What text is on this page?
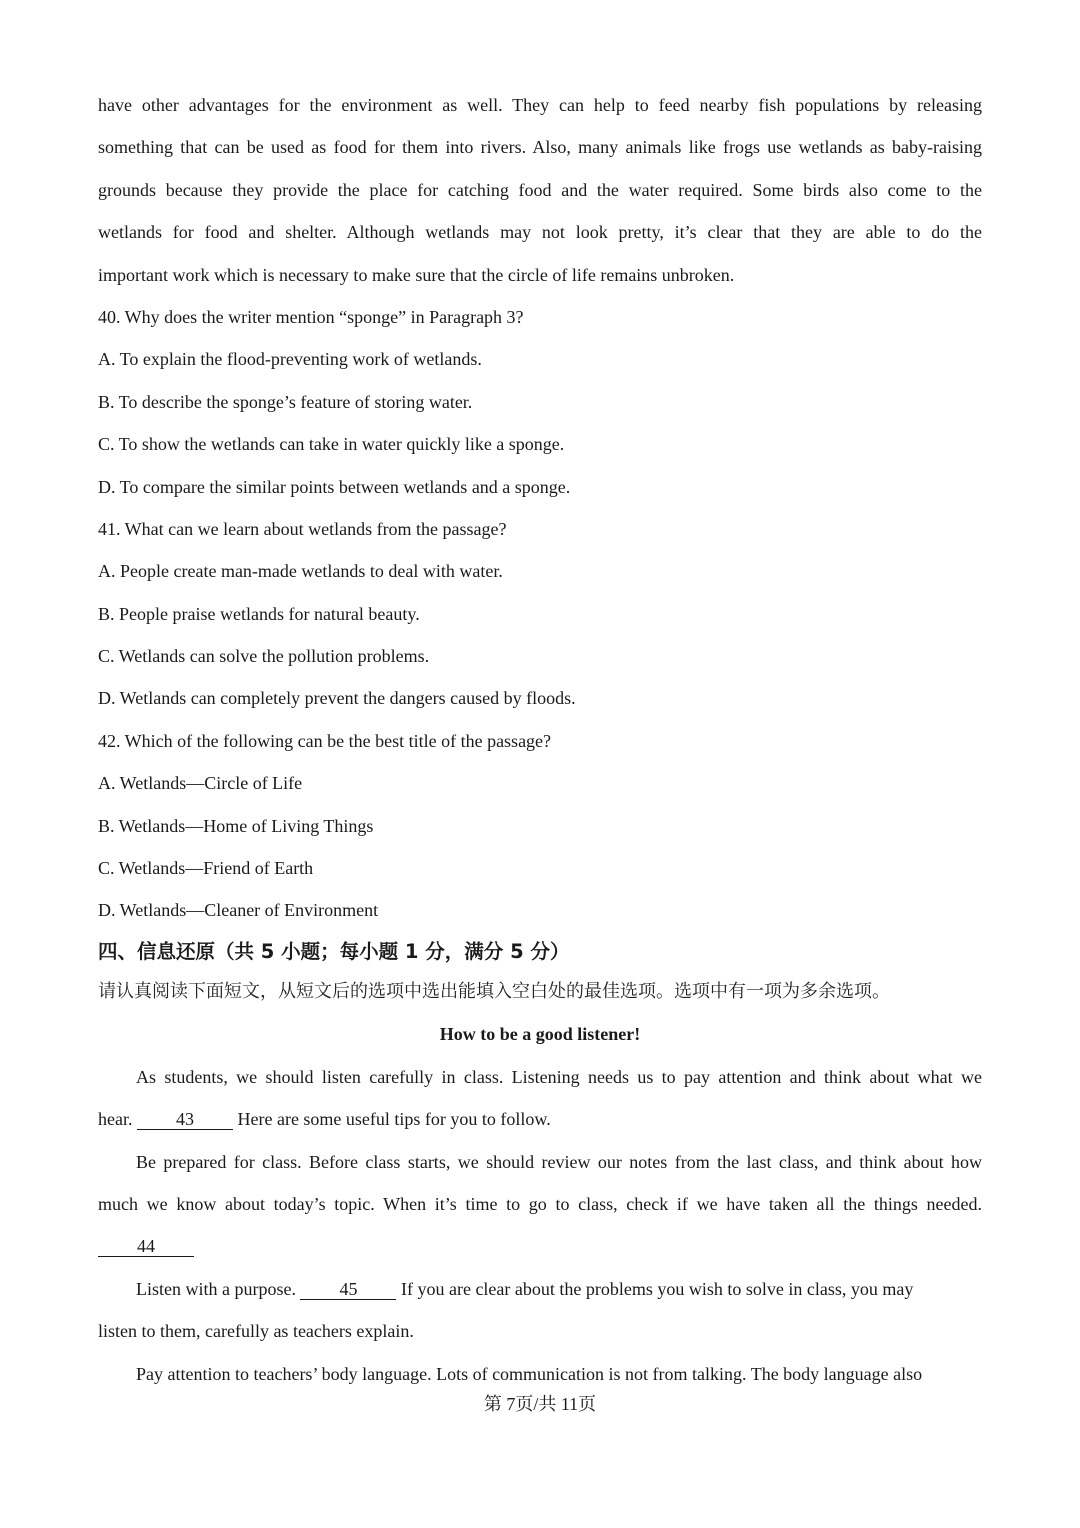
have other advantages for the environment as well. They can help to feed nearby fish populations by releasing
something that can be used as food for them into rivers. Also, many animals like frogs use wetlands as baby-raising
grounds because they provide the place for catching food and the water required. Some birds also come to the
wetlands for food and shelter. Although wetlands may not look pretty, it’s clear that they are able to do the
important work which is necessary to make sure that the circle of life remains unbroken.
40. Why does the writer mention “sponge” in Paragraph 3?
A. To explain the flood-preventing work of wetlands.
B. To describe the sponge’s feature of storing water.
C. To show the wetlands can take in water quickly like a sponge.
D. To compare the similar points between wetlands and a sponge.
41. What can we learn about wetlands from the passage?
A. People create man-made wetlands to deal with water.
B. People praise wetlands for natural beauty.
C. Wetlands can solve the pollution problems.
D. Wetlands can completely prevent the dangers caused by floods.
42. Which of the following can be the best title of the passage?
A. Wetlands—Circle of Life
B. Wetlands—Home of Living Things
C. Wetlands—Friend of Earth
D. Wetlands—Cleaner of Environment
四、信息还原（共 5 小题；每小题 1 分，满分 5 分）
请认真阅读下面短文，从短文后的选项中选出能填入空白处的最佳选项。选项中有一项为多余选项。
How to be a good listener!
As students, we should listen carefully in class. Listening needs us to pay attention and think about what we
hear. 43 Here are some useful tips for you to follow.
Be prepared for class. Before class starts, we should review our notes from the last class, and think about how
much we know about today’s topic. When it’s time to go to class, check if we have taken all the things needed.
44
Listen with a purpose. 45 If you are clear about the problems you wish to solve in class, you may
listen to them, carefully as teachers explain.
Pay attention to teachers’ body language. Lots of communication is not from talking. The body language also
第 7页/共 11页
